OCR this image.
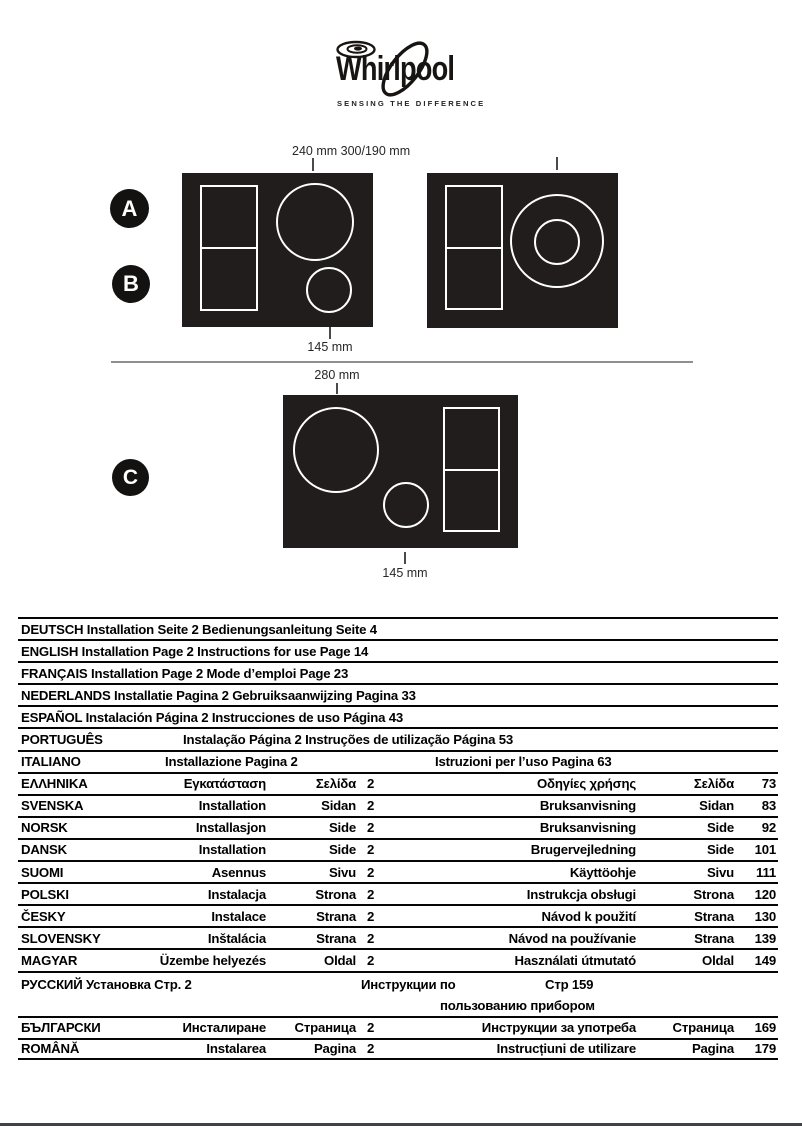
Whirlpool
SENSING THE DIFFERENCE
240 mm 300/190 mm
A
B
C
145 mm
280 mm
145 mm
DEUTSCH Installation Seite 2 Bedienungsanleitung Seite 4
ENGLISH Installation Page 2 Instructions for use Page 14
FRANÇAIS Installation Page 2 Mode d’emploi Page 23
NEDERLANDS Installatie Pagina 2 Gebruiksaanwijzing Pagina 33
ESPAÑOL Instalación Página 2 Instrucciones de uso Página 43
PORTUGUÊS	Instalação Página 2 Instruções de utilização Página 53
ITALIANO	Installazione Pagina 2	Istruzioni per l’uso Pagina 63
ΕΛΛΗΝΙΚΑ	Εγκατάσταση	Σελίδα 2	Οδηγίες χρήσης	Σελίδα	73
SVENSKA	Installation	Sidan 2	Bruksanvisning	Sidan	83
NORSK	Installasjon	Side 2	Bruksanvisning	Side	92
DANSK	Installation	Side 2	Brugervejledning	Side	101
SUOMI	Asennus	Sivu 2	Käyttöohje	Sivu	111
POLSKI	Instalacja	Strona 2	Instrukcja obsługi	Strona	120
ČESKY	Instalace	Strana 2	Návod k použití	Strana	130
SLOVENSKY	Inštalácia	Strana 2	Návod na používanie	Strana	139
MAGYAR	Üzembe helyezés	Oldal 2	Használati útmutató	Oldal	149
РУССКИЙ Установка Стр. 2	Инструкции по	Стр 159
пользованию прибором
БЪЛГАРСКИ	Инсталиране	Страница 2	Инструкции за употреба	Страница	169
ROMÂNĂ	Instalarea	Pagina 2	Instrucțiuni de utilizare	Pagina	179
